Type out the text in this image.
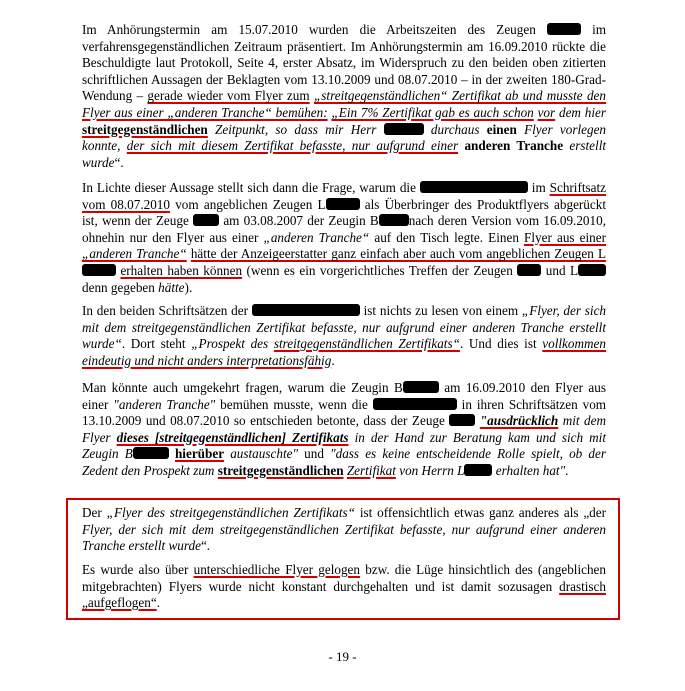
Im Anhörungstermin am 15.07.2010 wurden die Arbeitszeiten des Zeugen	im verfahrensgegenständlichen Zeitraum präsentiert. Im Anhörungstermin am 16.09.2010 rückte die Beschuldigte laut Protokoll, Seite 4, erster Absatz, im Widerspruch zu den beiden oben zitierten schriftlichen Aussagen der Beklagten vom 13.10.2009 und 08.07.2010 – in der zweiten 180-Grad-Wendung – gerade wieder vom Flyer zum „streitgegenständlichen“ Zertifikat ab und musste den Flyer aus einer „anderen Tranche“ bemühen: „Ein 7% Zertifikat gab es auch schon vor dem hier streitgegenständlichen Zeitpunkt, so dass mir Herr	durchaus einen Flyer vorlegen konnte, der sich mit diesem Zertifikat befasste, nur aufgrund einer anderen Tranche erstellt wurde“.

In Lichte dieser Aussage stellt sich dann die Frage, warum die	im Schriftsatz vom 08.07.2010 vom angeblichen Zeugen L	als Überbringer des Produktflyers abgerückt ist, wenn der Zeuge	am 03.08.2007 der Zeugin B nach deren Version vom 16.09.2010, ohnehin nur den Flyer aus einer „anderen Tranche“ auf den Tisch legte. Einen Flyer aus einer „anderen Tranche“ hätte der Anzeigeerstatter ganz einfach aber auch vom angeblichen Zeugen L erhalten haben können (wenn es ein vorgerichtliches Treffen der Zeugen und L denn gegeben hätte).

In den beiden Schriftsätzen der	ist nichts zu lesen von einem „Flyer, der sich mit dem streitgegenständlichen Zertifikat befasste, nur aufgrund einer anderen Tranche erstellt wurde“. Dort steht „Prospekt des streitgegenständlichen Zertifikats“. Und dies ist vollkommen eindeutig und nicht anders interpretationsfähig.

Man könnte auch umgekehrt fragen, warum die Zeugin B	am 16.09.2010 den Flyer aus einer "anderen Tranche" bemühen musste, wenn die	in ihren Schriftsätzen vom 13.10.2009 und 08.07.2010 so entschieden betonte, dass der Zeuge	"ausdrücklich mit dem Flyer dieses [streitgegenständlichen] Zertifikats in der Hand zur Beratung kam und sich mit Zeugin B	hierüber austauschte" und "dass es keine entscheidende Rolle spielt, ob der Zedent den Prospekt zum streitgegenständlichen Zertifikat von Herrn L erhalten hat".

Der „Flyer des streitgegenständlichen Zertifikats“ ist offensichtlich etwas ganz anderes als „der Flyer, der sich mit dem streitgegenständlichen Zertifikat befasste, nur aufgrund einer anderen Tranche erstellt wurde“.

Es wurde also über unterschiedliche Flyer gelogen bzw. die Lüge hinsichtlich des (angeblichen mitgebrachten) Flyers wurde nicht konstant durchgehalten und ist damit sozusagen drastisch „aufgeflogen“.

- 19 -
